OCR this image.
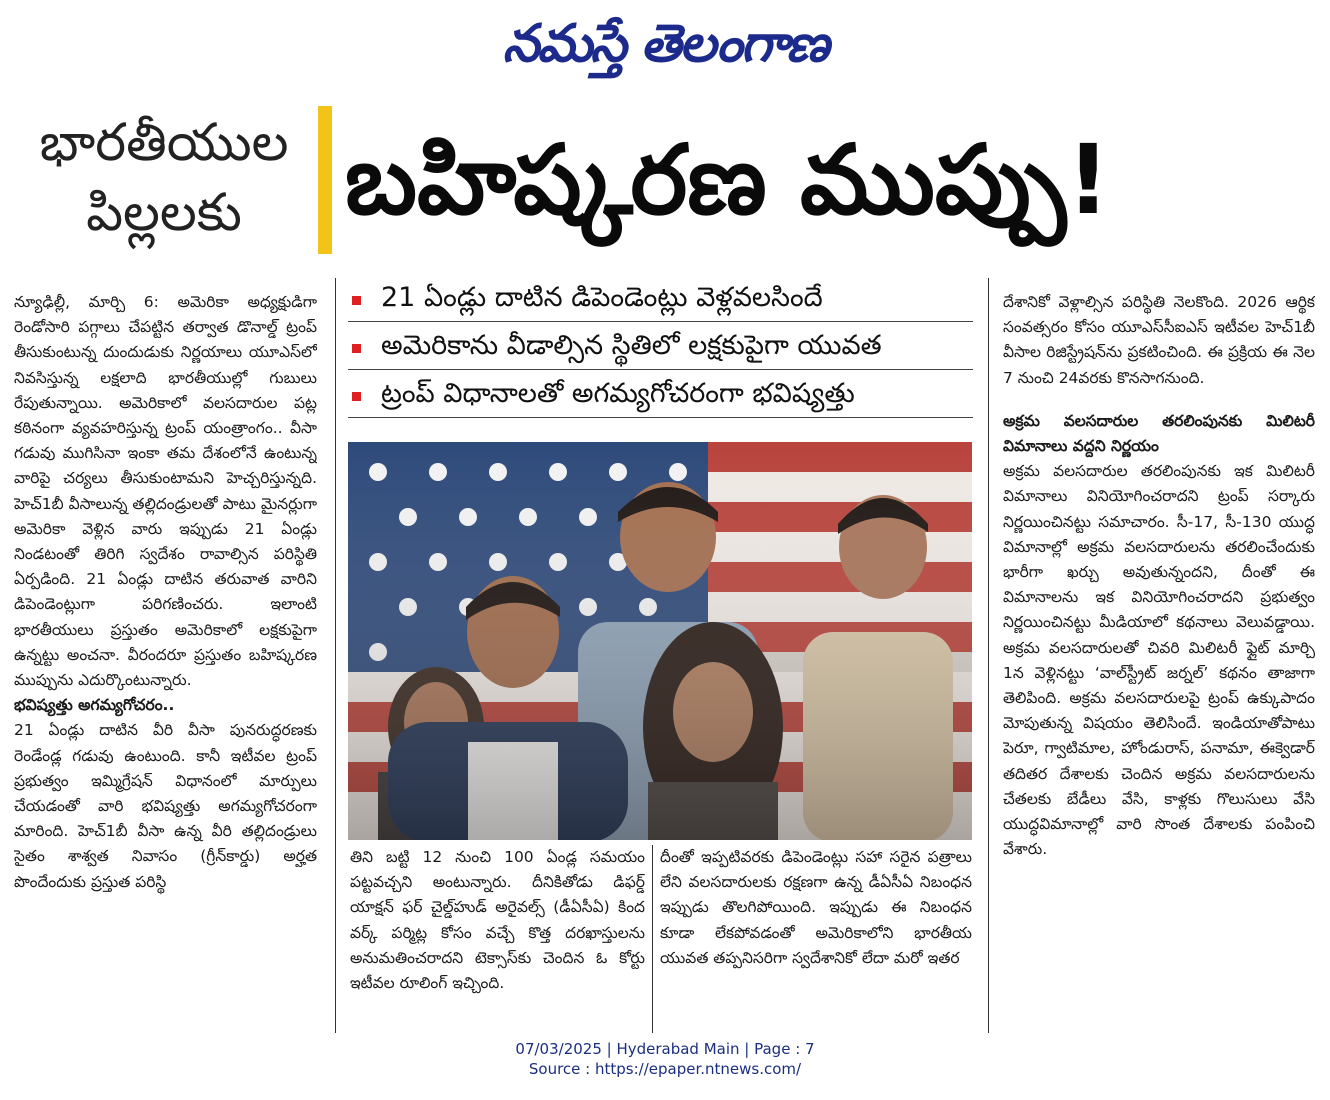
నమస్తే తెలంగాణ
భారతీయుల
పిల్లలకు	బహిష్కరణ ముప్పు!
న్యూఢిల్లీ, మార్చి 6: అమెరికా అధ్యక్షుడిగా రెండోసారి పగ్గాలు చేపట్టిన తర్వాత డొనాల్డ్ ట్రంప్ తీసుకుంటున్న దుందుడుకు నిర్ణయాలు యూఎస్‌లో నివసిస్తున్న లక్షలాది భారతీయుల్లో గుబులు రేపుతున్నాయి. అమెరికాలో వలసదారుల పట్ల కఠినంగా వ్యవహరిస్తున్న ట్రంప్ యంత్రాంగం.. వీసా గడువు ముగిసినా ఇంకా తమ దేశంలోనే ఉంటున్న వారిపై చర్యలు తీసుకుంటామని హెచ్చరిస్తున్నది. హెచ్1బీ వీసాలున్న తల్లిదండ్రులతో పాటు మైనర్లుగా అమెరికా వెళ్లిన వారు ఇప్పుడు 21 ఏండ్లు నిండటంతో తిరిగి స్వదేశం రావాల్సిన పరిస్థితి ఏర్పడింది. 21 ఏండ్లు దాటిన తరువాత వారిని డిపెండెంట్లుగా పరిగణించరు. ఇలాంటి భారతీయులు ప్రస్తుతం అమెరికాలో లక్షకుపైగా ఉన్నట్టు అంచనా. వీరందరూ ప్రస్తుతం బహిష్కరణ ముప్పును ఎదుర్కొంటున్నారు.
భవిష్యత్తు అగమ్యగోచరం..
21 ఏండ్లు దాటిన వీరి వీసా పునరుద్ధరణకు రెండేండ్ల గడువు ఉంటుంది. కానీ ఇటీవల ట్రంప్ ప్రభుత్వం ఇమ్మిగ్రేషన్ విధానంలో మార్పులు చేయడంతో వారి భవిష్యత్తు అగమ్యగోచరంగా మారింది. హెచ్1బీ వీసా ఉన్న వీరి తల్లిదండ్రులు సైతం శాశ్వత నివాసం (గ్రీన్‌కార్డు) అర్హత పొందేందుకు ప్రస్తుత పరిస్థి
21 ఏండ్లు దాటిన డిపెండెంట్లు వెళ్లవలసిందే
అమెరికాను వీడాల్సిన స్థితిలో లక్షకుపైగా యువత
ట్రంప్ విధానాలతో అగమ్యగోచరంగా భవిష్యత్తు
తిని బట్టి 12 నుంచి 100 ఏండ్ల సమయం పట్టవచ్చని అంటున్నారు. దీనికితోడు డిఫర్డ్ యాక్షన్ ఫర్ చైల్డ్‌హుడ్ అరైవల్స్ (డీఏసీఏ) కింద వర్క్ పర్మిట్ల కోసం వచ్చే కొత్త దరఖాస్తులను అనుమతించరాదని టెక్సాస్‌కు చెందిన ఓ కోర్టు ఇటీవల రూలింగ్ ఇచ్చింది.
దీంతో ఇప్పటివరకు డిపెండెంట్లు సహా సరైన పత్రాలు లేని వలసదారులకు రక్షణగా ఉన్న డీఏసీఏ నిబంధన ఇప్పుడు తొలగిపోయింది. ఇప్పుడు ఈ నిబంధన కూడా లేకపోవడంతో అమెరికాలోని భారతీయ యువత తప్పనిసరిగా స్వదేశానికో లేదా మరో ఇతర
దేశానికో వెళ్లాల్సిన పరిస్థితి నెలకొంది. 2026 ఆర్థిక సంవత్సరం కోసం యూఎస్‌సీఐఎస్ ఇటీవల హెచ్1బీ వీసాల రిజిస్ట్రేషన్‌ను ప్రకటించింది. ఈ ప్రక్రియ ఈ నెల 7 నుంచి 24వరకు కొనసాగనుంది.
అక్రమ వలసదారుల తరలింపునకు మిలిటరీ విమానాలు వద్దని నిర్ణయం
అక్రమ వలసదారుల తరలింపునకు ఇక మిలిటరీ విమానాలు వినియోగించరాదని ట్రంప్ సర్కారు నిర్ణయించినట్టు సమాచారం. సీ-17, సీ-130 యుద్ధ విమానాల్లో అక్రమ వలసదారులను తరలించేందుకు భారీగా ఖర్చు అవుతున్నందని, దీంతో ఈ విమానాలను ఇక వినియోగించరాదని ప్రభుత్వం నిర్ణయించినట్టు మీడియాలో కథనాలు వెలువడ్డాయి. అక్రమ వలసదారులతో చివరి మిలిటరీ ఫ్లైట్ మార్చి 1న వెళ్లినట్టు ‘వాల్‌స్ట్రీట్ జర్నల్’ కథనం తాజాగా తెలిపింది. అక్రమ వలసదారులపై ట్రంప్ ఉక్కుపాదం మోపుతున్న విషయం తెలిసిందే. ఇండియాతోపాటు పెరూ, గ్వాటిమాల, హోండురాస్, పనామా, ఈక్వెడార్ తదితర దేశాలకు చెందిన అక్రమ వలసదారులను చేతలకు బేడీలు వేసి, కాళ్లకు గొలుసులు వేసి యుద్ధవిమానాల్లో వారి సొంత దేశాలకు పంపించి వేశారు.
07/03/2025 | Hyderabad Main | Page : 7
Source : https://epaper.ntnews.com/
